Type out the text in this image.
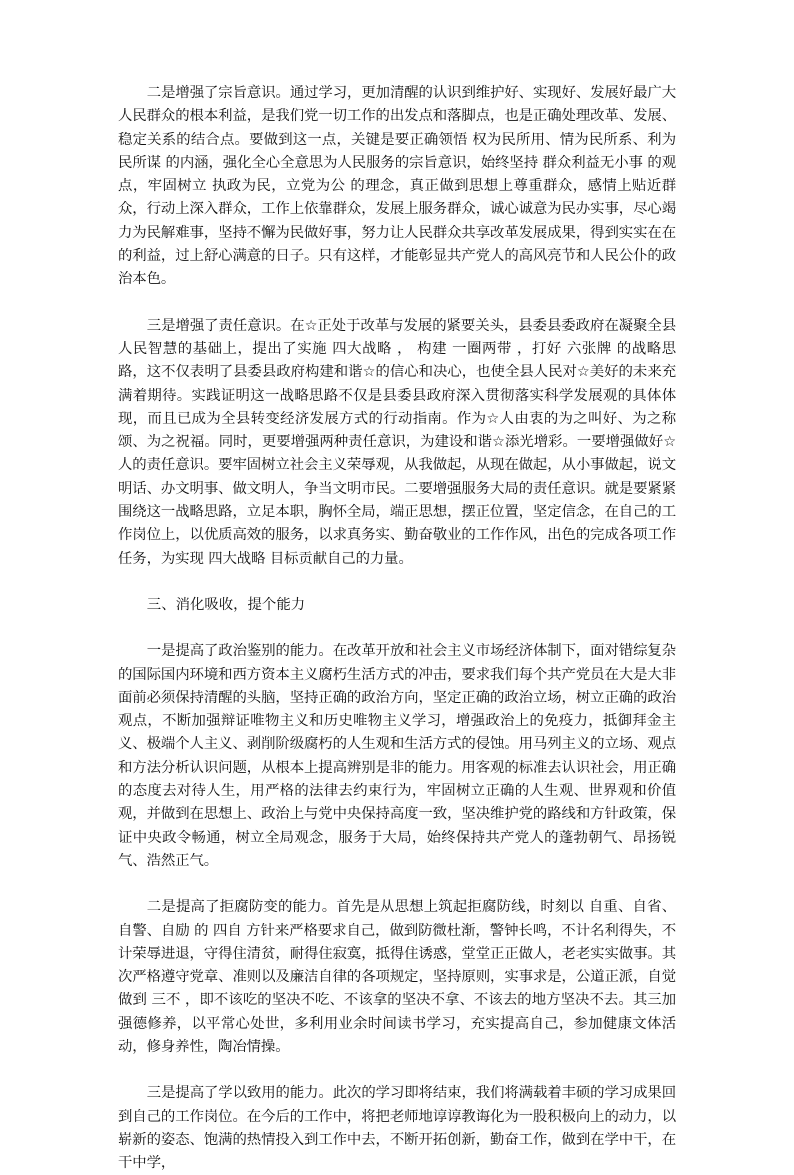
二是增强了宗旨意识。通过学习，更加清醒的认识到维护好、实现好、发展好最广大人民群众的根本利益，是我们党一切工作的出发点和落脚点，也是正确处理改革、发展、稳定关系的结合点。要做到这一点，关键是要正确领悟 权为民所用、情为民所系、利为民所谋 的内涵，强化全心全意思为人民服务的宗旨意识，始终坚持 群众利益无小事 的观点，牢固树立 执政为民，立党为公 的理念，真正做到思想上尊重群众，感情上贴近群众，行动上深入群众，工作上依靠群众，发展上服务群众，诚心诚意为民办实事，尽心竭力为民解难事，坚持不懈为民做好事，努力让人民群众共享改革发展成果，得到实实在在的利益，过上舒心满意的日子。只有这样，才能彰显共产党人的高风亮节和人民公仆的政治本色。

三是增强了责任意识。在☆正处于改革与发展的紧要关头，县委县委政府在凝聚全县人民智慧的基础上，提出了实施 四大战略 ， 构建 一圈两带 ，打好 六张牌 的战略思路，这不仅表明了县委县政府构建和谐☆的信心和决心，也使全县人民对☆美好的未来充满着期待。实践证明这一战略思路不仅是县委县政府深入贯彻落实科学发展观的具体体现，而且已成为全县转变经济发展方式的行动指南。作为☆人由衷的为之叫好、为之称颂、为之祝福。同时，更要增强两种责任意识，为建设和谐☆添光增彩。一要增强做好☆人的责任意识。要牢固树立社会主义荣辱观，从我做起，从现在做起，从小事做起，说文明话、办文明事、做文明人，争当文明市民。二要增强服务大局的责任意识。就是要紧紧围绕这一战略思路，立足本职，胸怀全局，端正思想，摆正位置，坚定信念，在自己的工作岗位上，以优质高效的服务，以求真务实、勤奋敬业的工作作风，出色的完成各项工作任务，为实现 四大战略 目标贡献自己的力量。

三、消化吸收，提个能力

一是提高了政治鉴别的能力。在改革开放和社会主义市场经济体制下，面对错综复杂的国际国内环境和西方资本主义腐朽生活方式的冲击，要求我们每个共产党员在大是大非面前必须保持清醒的头脑，坚持正确的政治方向，坚定正确的政治立场，树立正确的政治观点，不断加强辩证唯物主义和历史唯物主义学习，增强政治上的免疫力，抵御拜金主义、极端个人主义、剥削阶级腐朽的人生观和生活方式的侵蚀。用马列主义的立场、观点和方法分析认识问题，从根本上提高辨别是非的能力。用客观的标准去认识社会，用正确的态度去对待人生，用严格的法律去约束行为，牢固树立正确的人生观、世界观和价值观，并做到在思想上、政治上与党中央保持高度一致，坚决维护党的路线和方针政策，保证中央政令畅通，树立全局观念，服务于大局，始终保持共产党人的蓬勃朝气、昂扬锐气、浩然正气。

二是提高了拒腐防变的能力。首先是从思想上筑起拒腐防线，时刻以 自重、自省、自警、自励 的 四自 方针来严格要求自己，做到防微杜渐，警钟长鸣，不计名利得失，不计荣辱进退，守得住清贫，耐得住寂寞，抵得住诱惑，堂堂正正做人，老老实实做事。其次严格遵守党章、准则以及廉洁自律的各项规定，坚持原则，实事求是，公道正派，自觉做到 三不 ，即不该吃的坚决不吃、不该拿的坚决不拿、不该去的地方坚决不去。其三加强德修养，以平常心处世，多利用业余时间读书学习，充实提高自己，参加健康文体活动，修身养性，陶冶情操。

三是提高了学以致用的能力。此次的学习即将结束，我们将满载着丰硕的学习成果回到自己的工作岗位。在今后的工作中，将把老师地谆谆教诲化为一股积极向上的动力，以崭新的姿态、饱满的热情投入到工作中去，不断开拓创新，勤奋工作，做到在学中干，在干中学，
